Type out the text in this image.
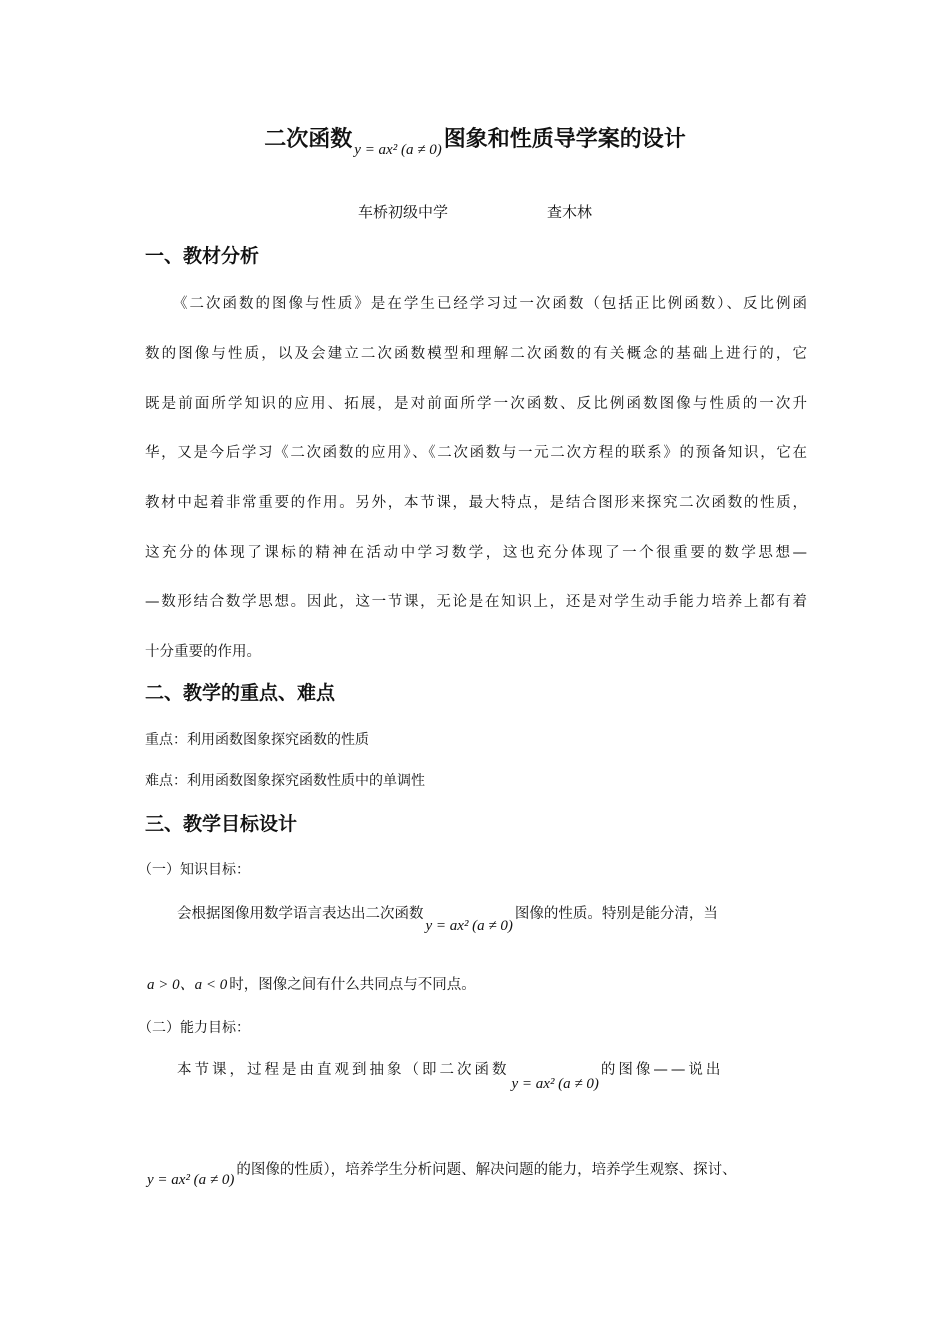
二次函数 y = ax² (a ≠ 0)图象和性质导学案的设计
车桥初级中学	查木林
一、教材分析
《二次函数的图像与性质》是在学生已经学习过一次函数（包括正比例函数）、反比例函
数的图像与性质，以及会建立二次函数模型和理解二次函数的有关概念的基础上进行的，它
既是前面所学知识的应用、拓展，是对前面所学一次函数、反比例函数图像与性质的一次升
华，又是今后学习《二次函数的应用》、《二次函数与一元二次方程的联系》的预备知识，它在
教材中起着非常重要的作用。另外，本节课，最大特点，是结合图形来探究二次函数的性质，
这充分的体现了课标的精神在活动中学习数学，这也充分体现了一个很重要的数学思想—
—数形结合数学思想。因此，这一节课，无论是在知识上，还是对学生动手能力培养上都有着
十分重要的作用。
二、教学的重点、难点
重点：利用函数图象探究函数的性质
难点：利用函数图象探究函数性质中的单调性
三、教学目标设计
（一）知识目标：
会根据图像用数学语言表达出二次函数y = ax² (a ≠ 0)图像的性质。特别是能分清，当
a > 0、a < 0 时，图像之间有什么共同点与不同点。
（二）能力目标：
本节课，过程是由直观到抽象（即二次函数y = ax² (a ≠ 0)的图像——说出
y = ax² (a ≠ 0)的图像的性质），培养学生分析问题、解决问题的能力，培养学生观察、探讨、
